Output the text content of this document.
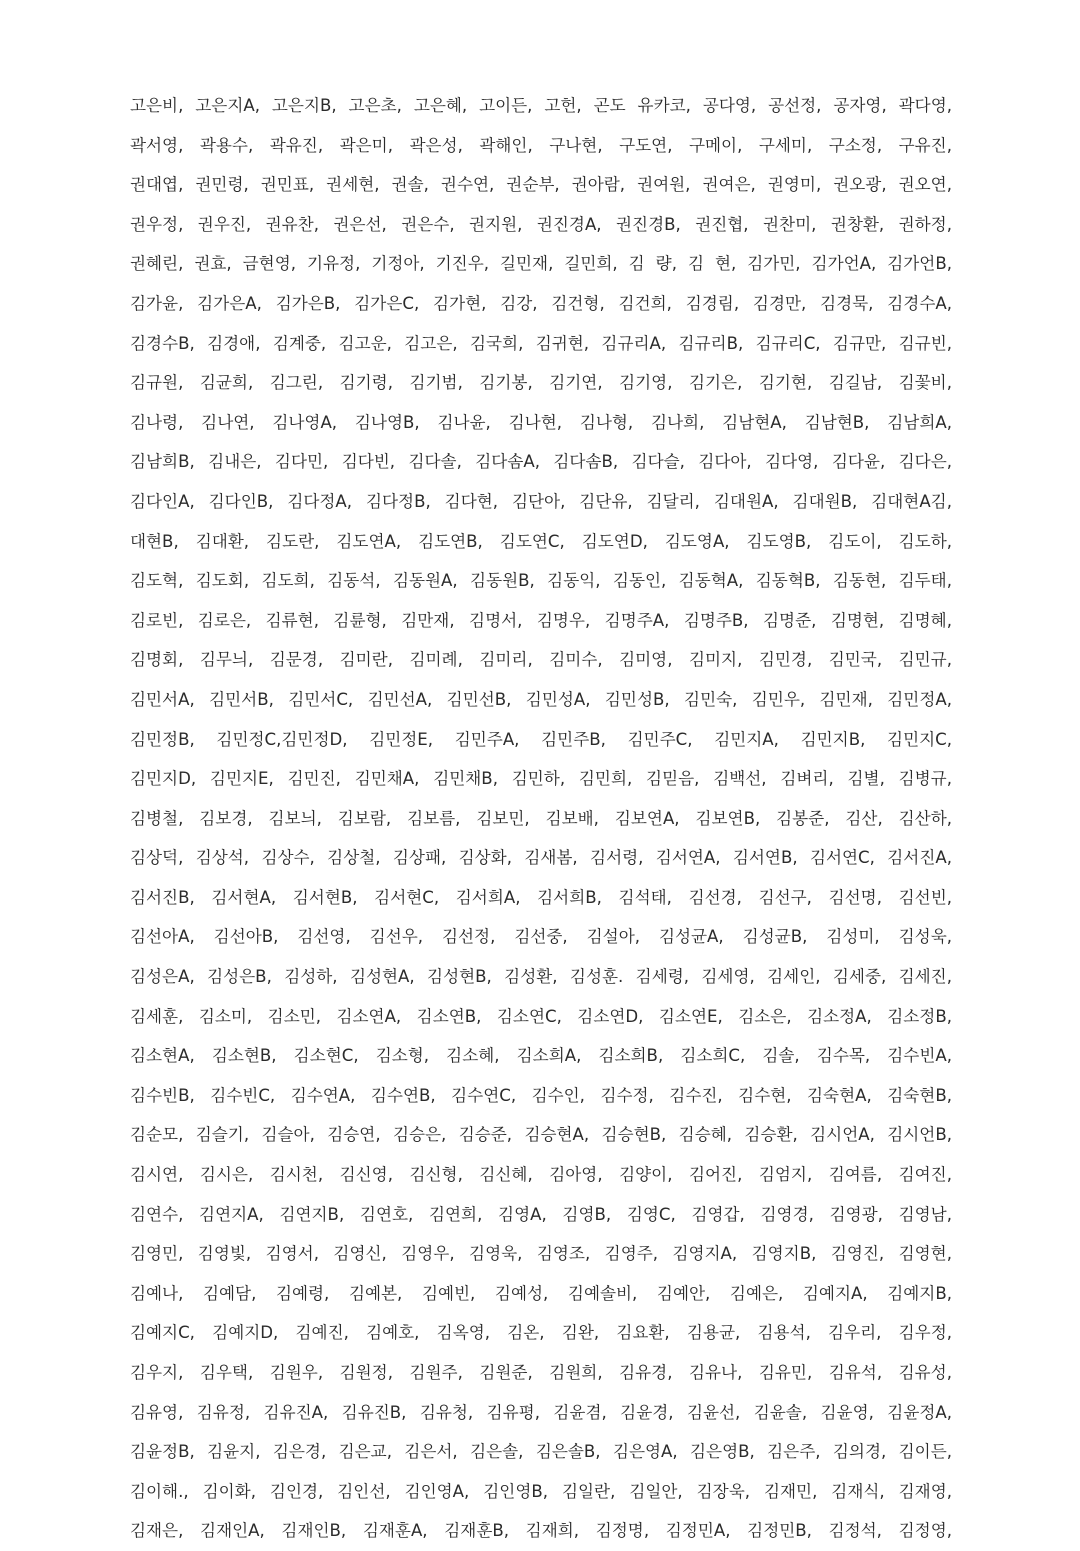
고은비, 고은지A, 고은지B, 고은초, 고은혜, 고이든, 고헌, 곤도 유카코, 공다영, 공선정, 공자영, 곽다영,
곽서영, 곽용수, 곽유진, 곽은미, 곽은성, 곽해인, 구나현, 구도연, 구메이, 구세미, 구소정, 구유진,
권대엽, 권민령, 권민표, 권세현, 권솔, 권수연, 권순부, 권아람, 권여원, 권여은, 권영미, 권오광, 권오연,
권우정, 권우진, 권유찬, 권은선, 권은수, 권지원, 권진경A, 권진경B, 권진협, 권찬미, 권창환, 권하정,
권혜린, 권효, 금현영, 기유정, 기정아, 기진우, 길민재, 길민희, 김 량, 김 현, 김가민, 김가언A, 김가언B,
김가윤, 김가은A, 김가은B, 김가은C, 김가현, 김강, 김건형, 김건희, 김경림, 김경만, 김경묵, 김경수A,
김경수B, 김경애, 김계중, 김고운, 김고은, 김국희, 김귀현, 김규리A, 김규리B, 김규리C, 김규만, 김규빈,
김규원, 김균희, 김그린, 김기령, 김기범, 김기봉, 김기연, 김기영, 김기은, 김기현, 김길남, 김꽃비,
김나령, 김나연, 김나영A, 김나영B, 김나윤, 김나현, 김나형, 김나희, 김남현A, 김남현B, 김남희A,
김남희B, 김내은, 김다민, 김다빈, 김다솔, 김다솜A, 김다솜B, 김다슬, 김다아, 김다영, 김다윤, 김다은,
김다인A, 김다인B, 김다정A, 김다정B, 김다현, 김단아, 김단유, 김달리, 김대원A, 김대원B, 김대현A김,
대현B, 김대환, 김도란, 김도연A, 김도연B, 김도연C, 김도연D, 김도영A, 김도영B, 김도이, 김도하,
김도혁, 김도회, 김도희, 김동석, 김동원A, 김동원B, 김동익, 김동인, 김동혁A, 김동혁B, 김동현, 김두태,
김로빈, 김로은, 김류현, 김륜형, 김만재, 김명서, 김명우, 김명주A, 김명주B, 김명준, 김명현, 김명혜,
김명회, 김무늬, 김문경, 김미란, 김미례, 김미리, 김미수, 김미영, 김미지, 김민경, 김민국, 김민규,
김민서A, 김민서B, 김민서C, 김민선A, 김민선B, 김민성A, 김민성B, 김민숙, 김민우, 김민재, 김민정A,
김민정B, 김민정C,김민정D, 김민정E, 김민주A, 김민주B, 김민주C, 김민지A, 김민지B, 김민지C,
김민지D, 김민지E, 김민진, 김민채A, 김민채B, 김민하, 김민희, 김믿음, 김백선, 김벼리, 김별, 김병규,
김병철, 김보경, 김보늬, 김보람, 김보름, 김보민, 김보배, 김보연A, 김보연B, 김봉준, 김산, 김산하,
김상덕, 김상석, 김상수, 김상철, 김상패, 김상화, 김새봄, 김서령, 김서연A, 김서연B, 김서연C, 김서진A,
김서진B, 김서현A, 김서현B, 김서현C, 김서희A, 김서희B, 김석태, 김선경, 김선구, 김선명, 김선빈,
김선아A, 김선아B, 김선영, 김선우, 김선정, 김선중, 김설아, 김성균A, 김성균B, 김성미, 김성욱,
김성은A, 김성은B, 김성하, 김성현A, 김성현B, 김성환, 김성훈. 김세령, 김세영, 김세인, 김세중, 김세진,
김세훈, 김소미, 김소민, 김소연A, 김소연B, 김소연C, 김소연D, 김소연E, 김소은, 김소정A, 김소정B,
김소현A, 김소현B, 김소현C, 김소형, 김소혜, 김소희A, 김소희B, 김소희C, 김솔, 김수목, 김수빈A,
김수빈B, 김수빈C, 김수연A, 김수연B, 김수연C, 김수인, 김수정, 김수진, 김수현, 김숙현A, 김숙현B,
김순모, 김슬기, 김슬아, 김승연, 김승은, 김승준, 김승현A, 김승현B, 김승혜, 김승환, 김시언A, 김시언B,
김시연, 김시은, 김시천, 김신영, 김신형, 김신혜, 김아영, 김양이, 김어진, 김엄지, 김여름, 김여진,
김연수, 김연지A, 김연지B, 김연호, 김연희, 김영A, 김영B, 김영C, 김영갑, 김영경, 김영광, 김영남,
김영민, 김영빛, 김영서, 김영신, 김영우, 김영욱, 김영조, 김영주, 김영지A, 김영지B, 김영진, 김영현,
김예나, 김예담, 김예령, 김예본, 김예빈, 김예성, 김예솔비, 김예안, 김예은, 김예지A, 김예지B,
김예지C, 김예지D, 김예진, 김예호, 김옥영, 김온, 김완, 김요환, 김용균, 김용석, 김우리, 김우정,
김우지, 김우택, 김원우, 김원정, 김원주, 김원준, 김원희, 김유경, 김유나, 김유민, 김유석, 김유성,
김유영, 김유정, 김유진A, 김유진B, 김유청, 김유평, 김윤겸, 김윤경, 김윤선, 김윤솔, 김윤영, 김윤정A,
김윤정B, 김윤지, 김은경, 김은교, 김은서, 김은솔, 김은솔B, 김은영A, 김은영B, 김은주, 김의경, 김이든,
김이해., 김이화, 김인경, 김인선, 김인영A, 김인영B, 김일란, 김일안, 김장욱, 김재민, 김재식, 김재영,
김재은, 김재인A, 김재인B, 김재훈A, 김재훈B, 김재희, 김정명, 김정민A, 김정민B, 김정석, 김정영,
